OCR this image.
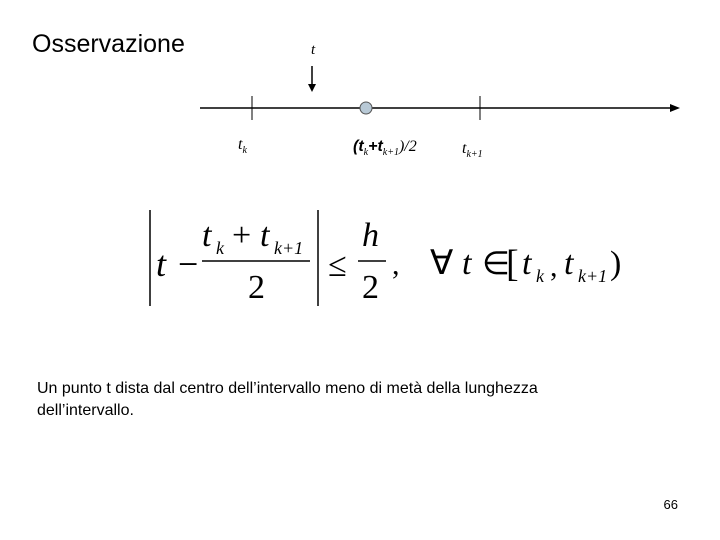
Osservazione	t
$t_k$	$(t_k+t_{k+1})/2$	$t_{k+1}$
t −
t k + t k+1
2
≤
h
2
, ∀ t ∈
[ t k , t k+1 )
Un punto t dista dal centro dell’intervallo meno di metà della lunghezza dell’intervallo.
66
